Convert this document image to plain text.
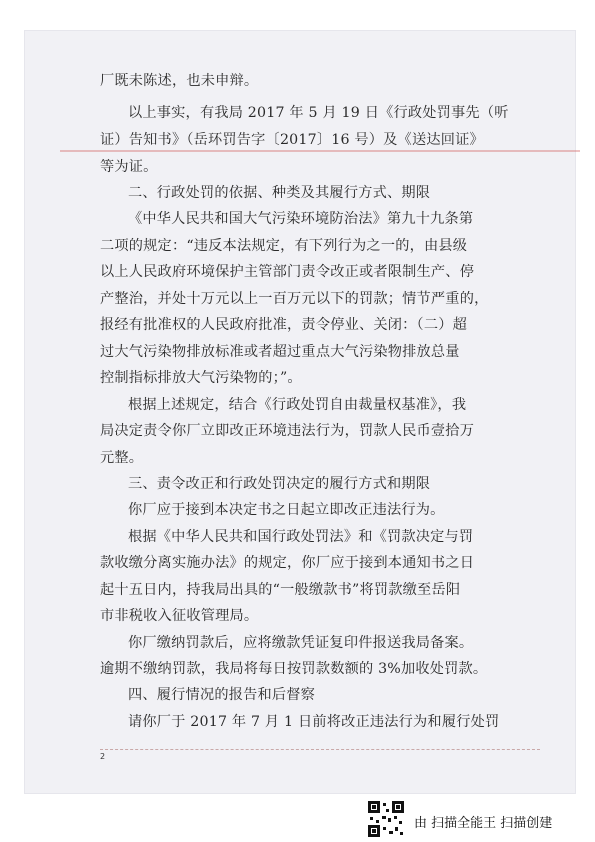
厂既未陈述，也未申辩。
以上事实，有我局 2017 年 5 月 19 日《行政处罚事先（听
证）告知书》（岳环罚告字〔2017〕16 号）及《送达回证》
等为证。
二、行政处罚的依据、种类及其履行方式、期限
《中华人民共和国大气污染环境防治法》第九十九条第
二项的规定：“违反本法规定，有下列行为之一的，由县级
以上人民政府环境保护主管部门责令改正或者限制生产、停
产整治，并处十万元以上一百万元以下的罚款；情节严重的，
报经有批准权的人民政府批准，责令停业、关闭：（二）超
过大气污染物排放标准或者超过重点大气污染物排放总量
控制指标排放大气污染物的；”。
根据上述规定，结合《行政处罚自由裁量权基准》，我
局决定责令你厂立即改正环境违法行为，罚款人民币壹拾万
元整。
三、责令改正和行政处罚决定的履行方式和期限
你厂应于接到本决定书之日起立即改正违法行为。
根据《中华人民共和国行政处罚法》和《罚款决定与罚
款收缴分离实施办法》的规定，你厂应于接到本通知书之日
起十五日内，持我局出具的“一般缴款书”将罚款缴至岳阳
市非税收入征收管理局。
你厂缴纳罚款后，应将缴款凭证复印件报送我局备案。
逾期不缴纳罚款，我局将每日按罚款数额的 3%加收处罚款。
四、履行情况的报告和后督察
请你厂于 2017 年 7 月 1 日前将改正违法行为和履行处罚
2
由 扫描全能王 扫描创建
